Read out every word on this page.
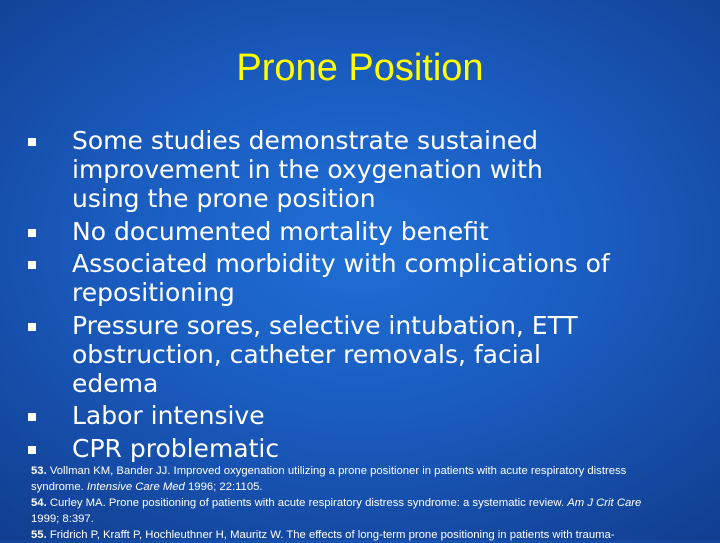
Prone Position
Some studies demonstrate sustained
improvement in the oxygenation with
using the prone position
No documented mortality benefit
Associated morbidity with complications of
repositioning
Pressure sores, selective intubation, ETT
obstruction, catheter removals, facial
edema
Labor intensive
CPR problematic

53. Vollman KM, Bander JJ. Improved oxygenation utilizing a prone positioner in patients with acute respiratory distress

syndrome. Intensive Care Med 1996; 22:1105.

54. Curley MA. Prone positioning of patients with acute respiratory distress syndrome: a systematic review. Am J Crit Care

1999; 8:397.

55. Fridrich P, Krafft P, Hochleuthner H, Mauritz W. The effects of long-term prone positioning in patients with trauma-
